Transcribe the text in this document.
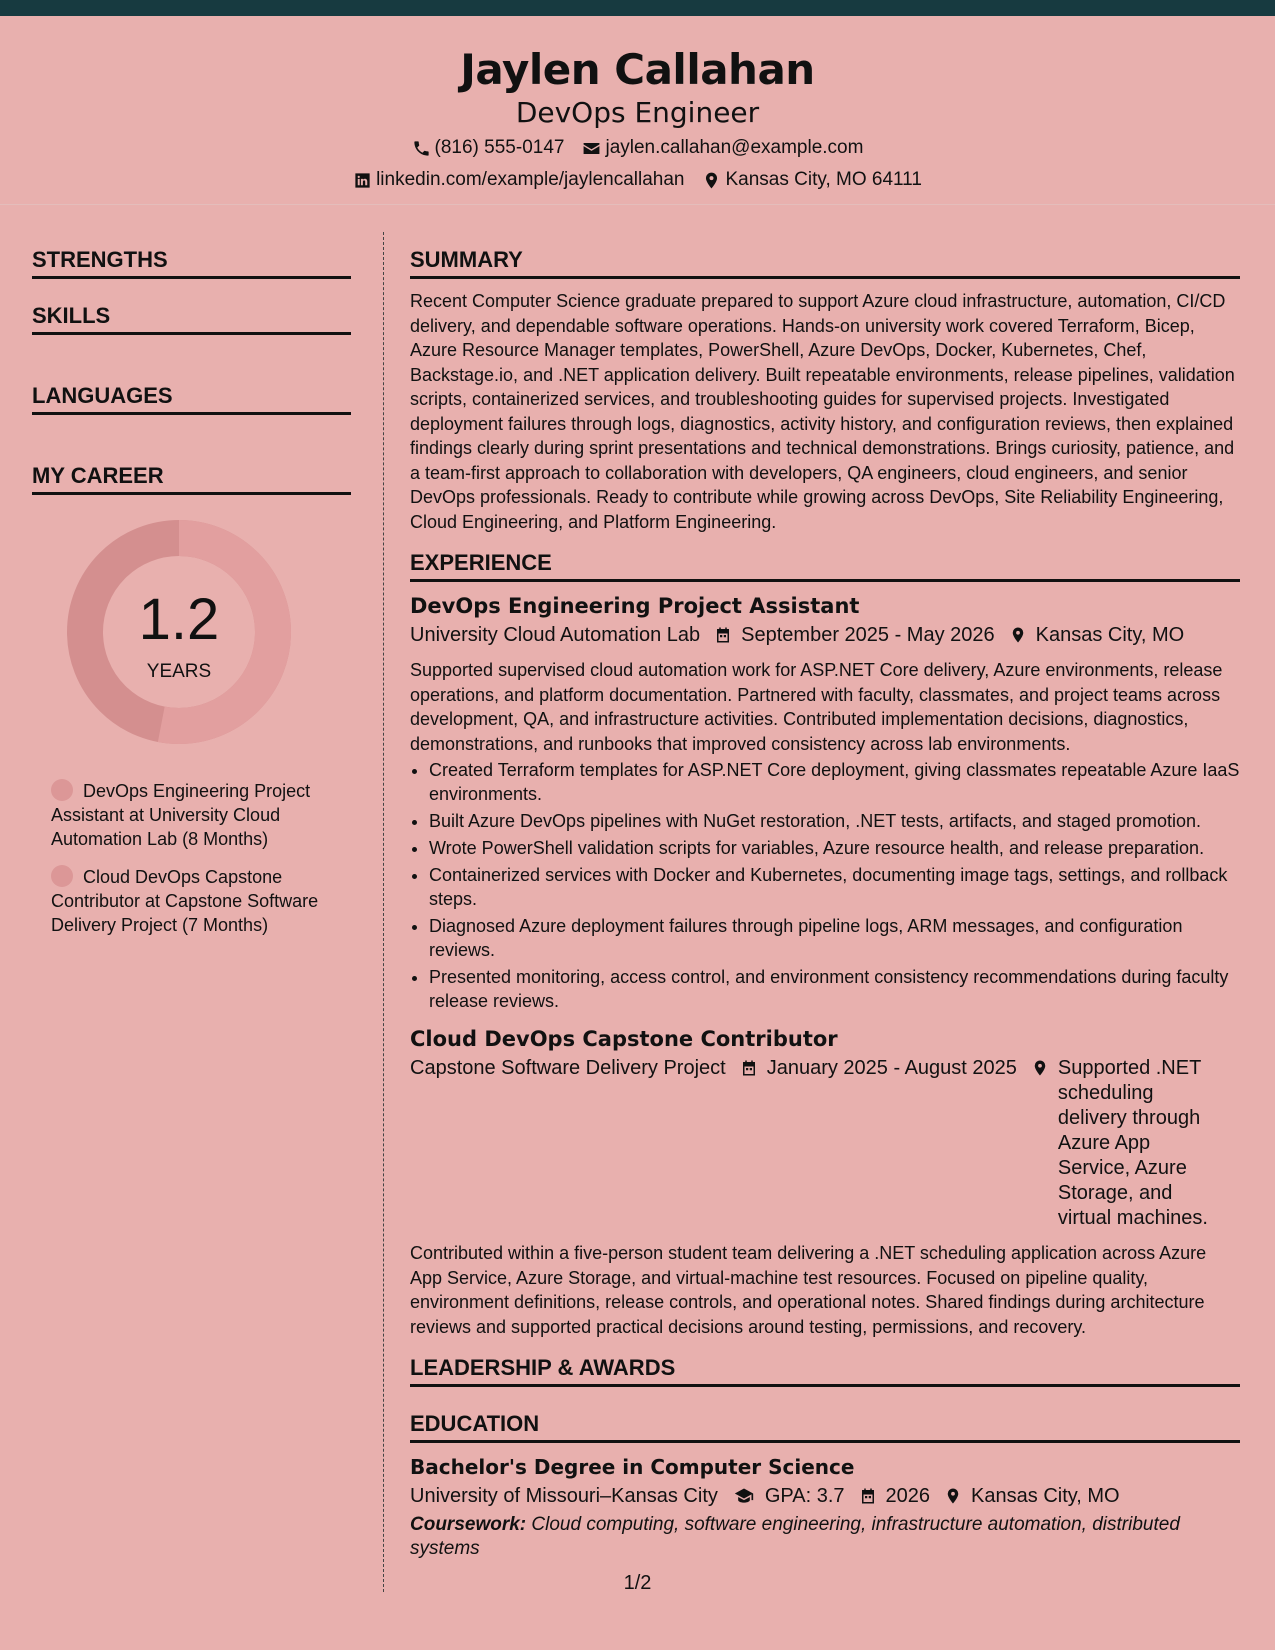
Jaylen Callahan
DevOps Engineer
(816) 555-0147 jaylen.callahan@example.com
linkedin.com/example/jaylencallahan Kansas City, MO 64111
STRENGTHS
SKILLS
LANGUAGES
MY CAREER
1.2
YEARS
DevOps Engineering Project Assistant at University Cloud Automation Lab (8 Months)
Cloud DevOps Capstone Contributor at Capstone Software Delivery Project (7 Months)
SUMMARY

Recent Computer Science graduate prepared to support Azure cloud infrastructure, automation, CI/CD delivery, and dependable software operations. Hands-on university work covered Terraform, Bicep, Azure Resource Manager templates, PowerShell, Azure DevOps, Docker, Kubernetes, Chef, Backstage.io, and .NET application delivery. Built repeatable environments, release pipelines, validation scripts, containerized services, and troubleshooting guides for supervised projects. Investigated deployment failures through logs, diagnostics, activity history, and configuration reviews, then explained findings clearly during sprint presentations and technical demonstrations. Brings curiosity, patience, and a team-first approach to collaboration with developers, QA engineers, cloud engineers, and senior DevOps professionals. Ready to contribute while growing across DevOps, Site Reliability Engineering, Cloud Engineering, and Platform Engineering.

EXPERIENCE
DevOps Engineering Project Assistant
University Cloud Automation Lab September 2025 - May 2026 Kansas City, MO

Supported supervised cloud automation work for ASP.NET Core delivery, Azure environments, release operations, and platform documentation. Partnered with faculty, classmates, and project teams across development, QA, and infrastructure activities. Contributed implementation decisions, diagnostics, demonstrations, and runbooks that improved consistency across lab environments.

• Created Terraform templates for ASP.NET Core deployment, giving classmates repeatable Azure IaaS environments.
• Built Azure DevOps pipelines with NuGet restoration, .NET tests, artifacts, and staged promotion.
• Wrote PowerShell validation scripts for variables, Azure resource health, and release preparation.
• Containerized services with Docker and Kubernetes, documenting image tags, settings, and rollback steps.
• Diagnosed Azure deployment failures through pipeline logs, ARM messages, and configuration reviews.
• Presented monitoring, access control, and environment consistency recommendations during faculty release reviews.
Cloud DevOps Capstone Contributor
Capstone Software Delivery Project January 2025 - August 2025 Supported .NET scheduling delivery through Azure App Service, Azure Storage, and virtual machines.

Contributed within a five-person student team delivering a .NET scheduling application across Azure App Service, Azure Storage, and virtual-machine test resources. Focused on pipeline quality, environment definitions, release controls, and operational notes. Shared findings during architecture reviews and supported practical decisions around testing, permissions, and recovery.

LEADERSHIP & AWARDS
EDUCATION
Bachelor's Degree in Computer Science
University of Missouri–Kansas City GPA: 3.7 2026 Kansas City, MO

Coursework: Cloud computing, software engineering, infrastructure automation, distributed systems

1/2
